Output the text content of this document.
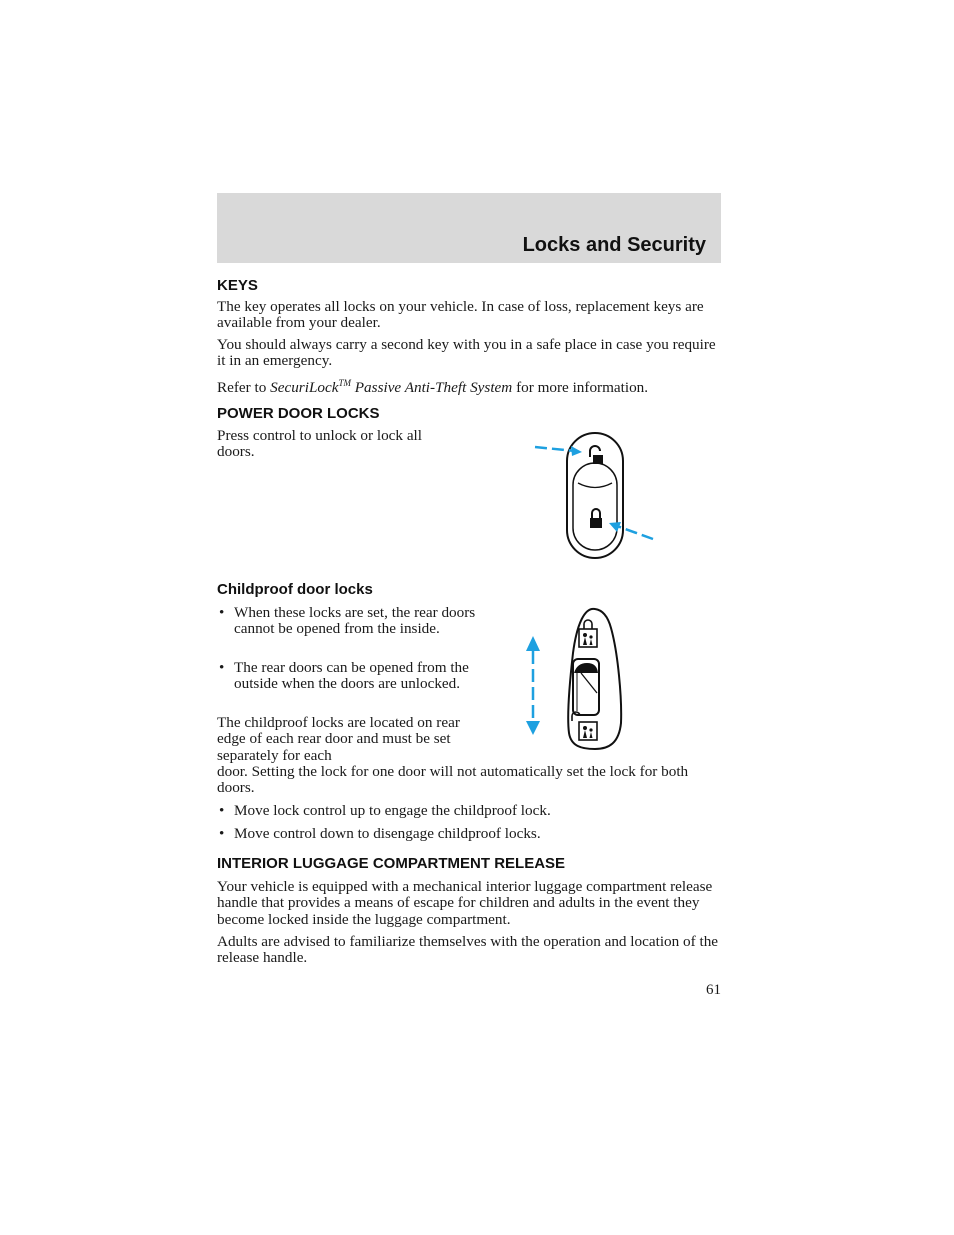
Locks and Security
KEYS

The key operates all locks on your vehicle. In case of loss, replacement keys are available from your dealer.

You should always carry a second key with you in a safe place in case you require it in an emergency.

Refer to SecuriLock™ Passive Anti-Theft System for more information.

POWER DOOR LOCKS

Press control to unlock or lock all doors.

Childproof door locks

• When these locks are set, the rear doors cannot be opened from the inside.

• The rear doors can be opened from the outside when the doors are unlocked.

The childproof locks are located on rear edge of each rear door and must be set separately for each

door. Setting the lock for one door will not automatically set the lock for both doors.

• Move lock control up to engage the childproof lock.

• Move control down to disengage childproof locks.

INTERIOR LUGGAGE COMPARTMENT RELEASE

Your vehicle is equipped with a mechanical interior luggage compartment release handle that provides a means of escape for children and adults in the event they become locked inside the luggage compartment.

Adults are advised to familiarize themselves with the operation and location of the release handle.

61
